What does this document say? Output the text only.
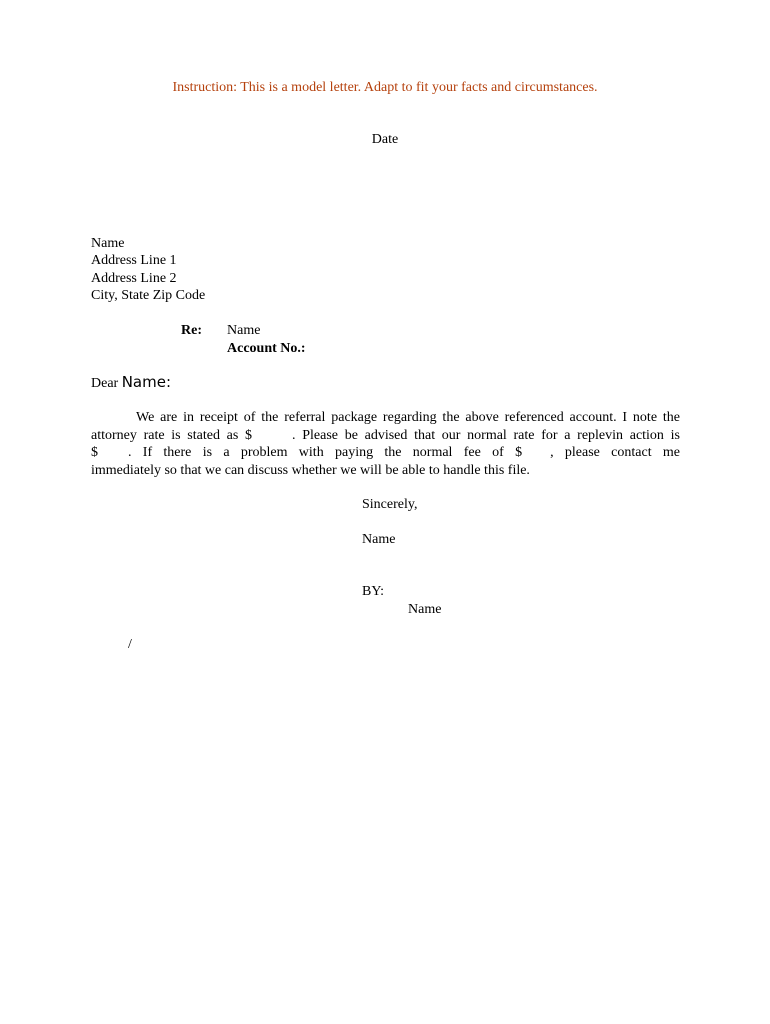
Instruction: This is a model letter. Adapt to fit your facts and circumstances.
Date
Name
Address Line 1
Address Line 2
City, State Zip Code
Re: Name
Account No.:
Dear Name:
We are in receipt of the referral package regarding the above referenced account. I note the
attorney rate is stated as $	. Please be advised that our normal rate for a replevin action is
$ . If there is a problem with paying the normal fee of $ , please contact me
immediately so that we can discuss whether we will be able to handle this file.
Sincerely,
Name
BY:
Name
/
